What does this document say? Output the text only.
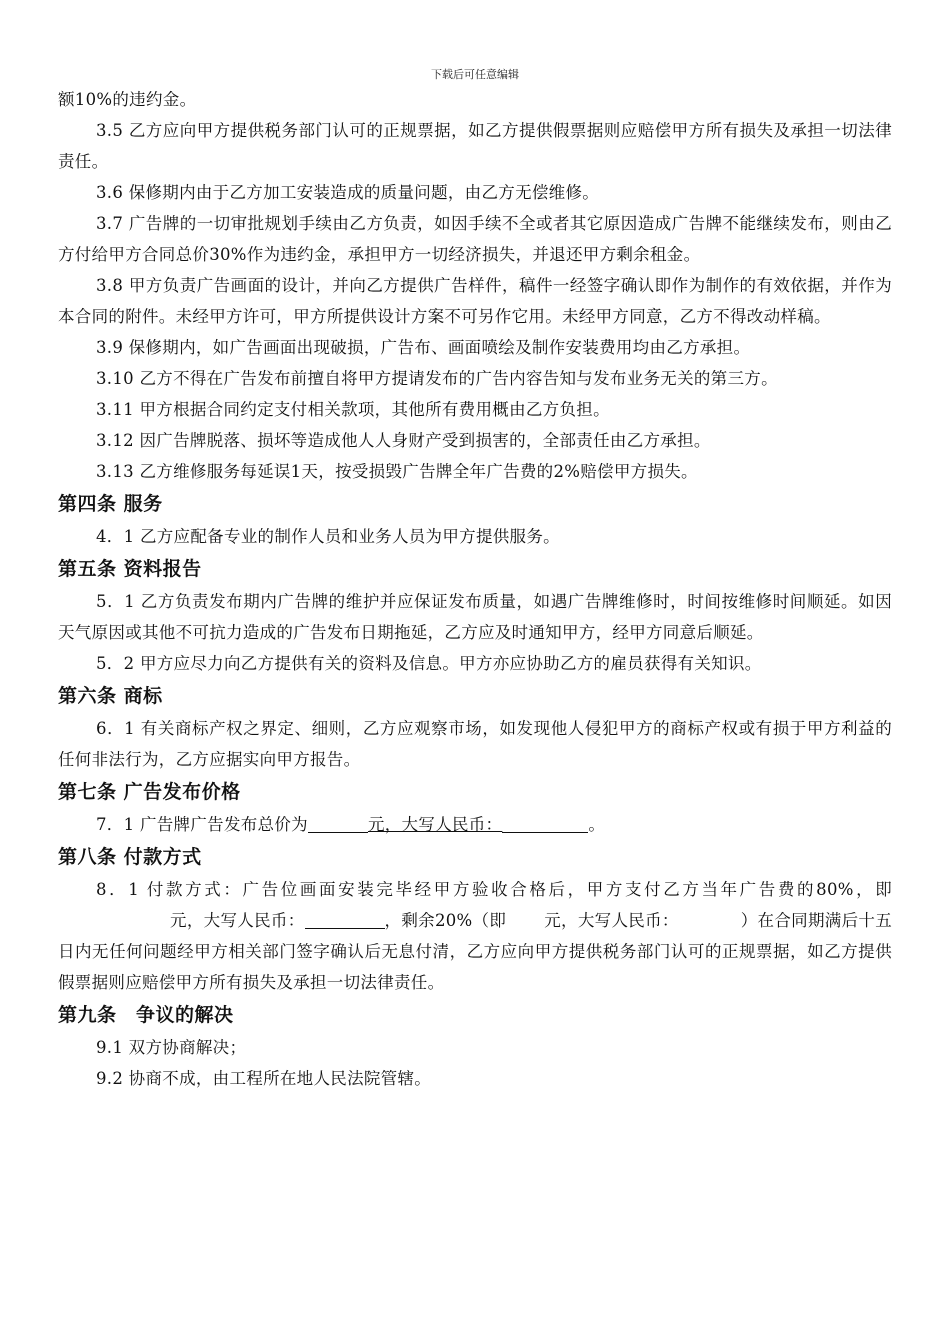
下载后可任意编辑

额10%的违约金。

3.5 乙方应向甲方提供税务部门认可的正规票据，如乙方提供假票据则应赔偿甲方所有损失及承担一切法律责任。

3.6 保修期内由于乙方加工安装造成的质量问题，由乙方无偿维修。

3.7 广告牌的一切审批规划手续由乙方负责，如因手续不全或者其它原因造成广告牌不能继续发布，则由乙方付给甲方合同总价30%作为违约金，承担甲方一切经济损失，并退还甲方剩余租金。

3.8 甲方负责广告画面的设计，并向乙方提供广告样件，稿件一经签字确认即作为制作的有效依据，并作为本合同的附件。未经甲方许可，甲方所提供设计方案不可另作它用。未经甲方同意，乙方不得改动样稿。

3.9 保修期内，如广告画面出现破损，广告布、画面喷绘及制作安装费用均由乙方承担。

3.10 乙方不得在广告发布前擅自将甲方提请发布的广告内容告知与发布业务无关的第三方。

3.11 甲方根据合同约定支付相关款项，其他所有费用概由乙方负担。

3.12 因广告牌脱落、损坏等造成他人人身财产受到损害的，全部责任由乙方承担。

3.13 乙方维修服务每延误1天，按受损毁广告牌全年广告费的2%赔偿甲方损失。

第四条 服务

4．1 乙方应配备专业的制作人员和业务人员为甲方提供服务。

第五条 资料报告

5．1 乙方负责发布期内广告牌的维护并应保证发布质量，如遇广告牌维修时，时间按维修时间顺延。如因天气原因或其他不可抗力造成的广告发布日期拖延，乙方应及时通知甲方，经甲方同意后顺延。

5．2 甲方应尽力向乙方提供有关的资料及信息。甲方亦应协助乙方的雇员获得有关知识。

第六条 商标

6．1 有关商标产权之界定、细则，乙方应观察市场，如发现他人侵犯甲方的商标产权或有损于甲方利益的任何非法行为，乙方应据实向甲方报告。

第七条 广告发布价格

7．1 广告牌广告发布总价为	元，大写人民币：	。

第八条 付款方式

8．1 付款方式：广告位画面安装完毕经甲方验收合格后，甲方支付乙方当年广告费的80%，即元，大写人民币：	，剩余20%（即 元，大写人民币：	）在合同期满后十五日内无任何问题经甲方相关部门签字确认后无息付清，乙方应向甲方提供税务部门认可的正规票据，如乙方提供假票据则应赔偿甲方所有损失及承担一切法律责任。

第九条　争议的解决

9.1 双方协商解决；

9.2 协商不成，由工程所在地人民法院管辖。
